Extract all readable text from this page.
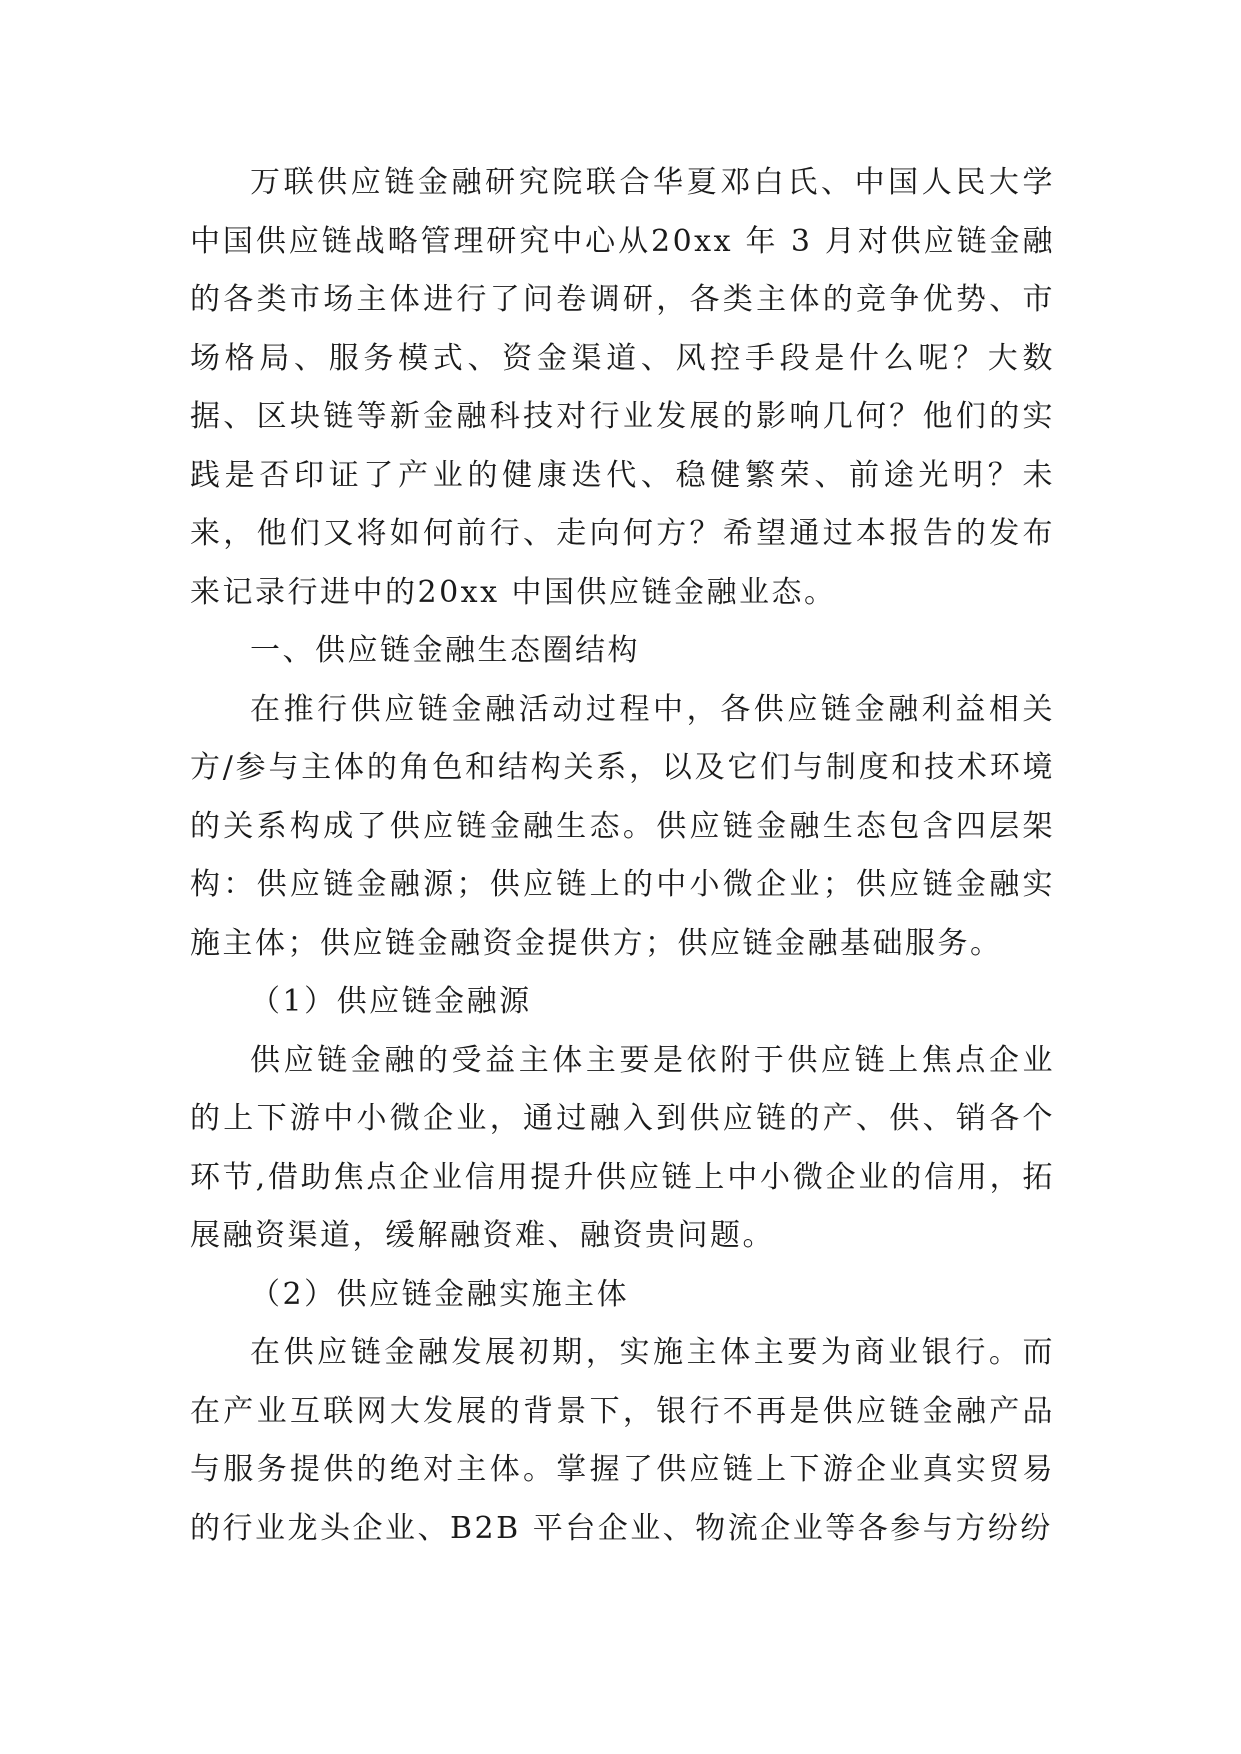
万联供应链金融研究院联合华夏邓白氏、中国人民大学中国供应链战略管理研究中心从20xx 年 3 月对供应链金融的各类市场主体进行了问卷调研，各类主体的竞争优势、市场格局、服务模式、资金渠道、风控手段是什么呢？大数据、区块链等新金融科技对行业发展的影响几何？他们的实践是否印证了产业的健康迭代、稳健繁荣、前途光明？未来，他们又将如何前行、走向何方？希望通过本报告的发布来记录行进中的20xx 中国供应链金融业态。

一、供应链金融生态圈结构

在推行供应链金融活动过程中，各供应链金融利益相关方/参与主体的角色和结构关系，以及它们与制度和技术环境的关系构成了供应链金融生态。供应链金融生态包含四层架构：供应链金融源；供应链上的中小微企业；供应链金融实施主体；供应链金融资金提供方；供应链金融基础服务。

（1）供应链金融源

供应链金融的受益主体主要是依附于供应链上焦点企业的上下游中小微企业，通过融入到供应链的产、供、销各个环节,借助焦点企业信用提升供应链上中小微企业的信用，拓展融资渠道，缓解融资难、融资贵问题。

（2）供应链金融实施主体

在供应链金融发展初期，实施主体主要为商业银行。而在产业互联网大发展的背景下，银行不再是供应链金融产品与服务提供的绝对主体。掌握了供应链上下游企业真实贸易的行业龙头企业、B2B 平台企业、物流企业等各参与方纷纷
